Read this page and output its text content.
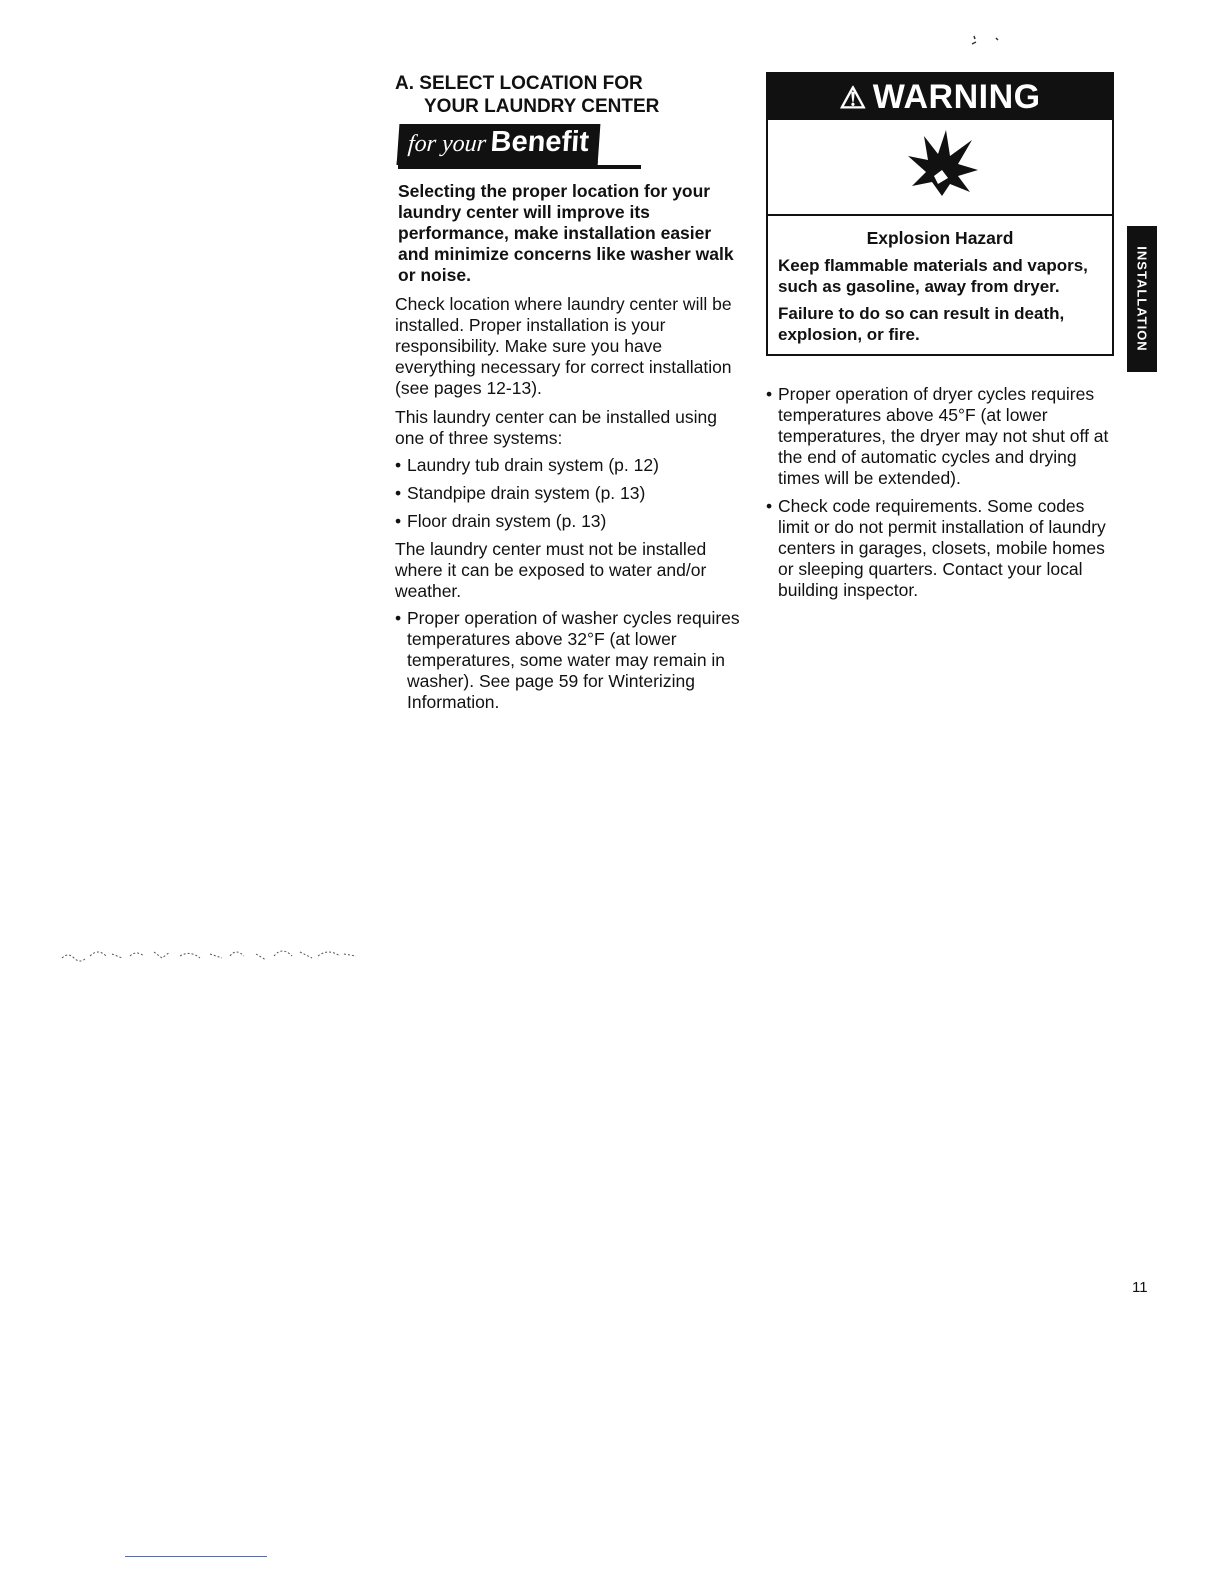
A. SELECT LOCATION FOR
YOUR LAUNDRY CENTER
for your Benefit

Selecting the proper location for your laundry center will improve its performance, make installation easier and minimize concerns like washer walk or noise.

Check location where laundry center will be installed. Proper installation is your responsibility. Make sure you have everything necessary for correct installation (see pages 12-13).

This laundry center can be installed using one of three systems:

• Laundry tub drain system (p. 12)
• Standpipe drain system (p. 13)
• Floor drain system (p. 13)

The laundry center must not be installed where it can be exposed to water and/or weather.

• Proper operation of washer cycles requires temperatures above 32°F (at lower temperatures, some water may remain in washer). See page 59 for Winterizing Information.
⚠ WARNING
Explosion Hazard

Keep flammable materials and vapors, such as gasoline, away from dryer.

Failure to do so can result in death, explosion, or fire.

• Proper operation of dryer cycles requires temperatures above 45°F (at lower temperatures, the dryer may not shut off at the end of automatic cycles and drying times will be extended).
• Check code requirements. Some codes limit or do not permit installation of laundry centers in garages, closets, mobile homes or sleeping quarters. Contact your local building inspector.
INSTALLATION
11
